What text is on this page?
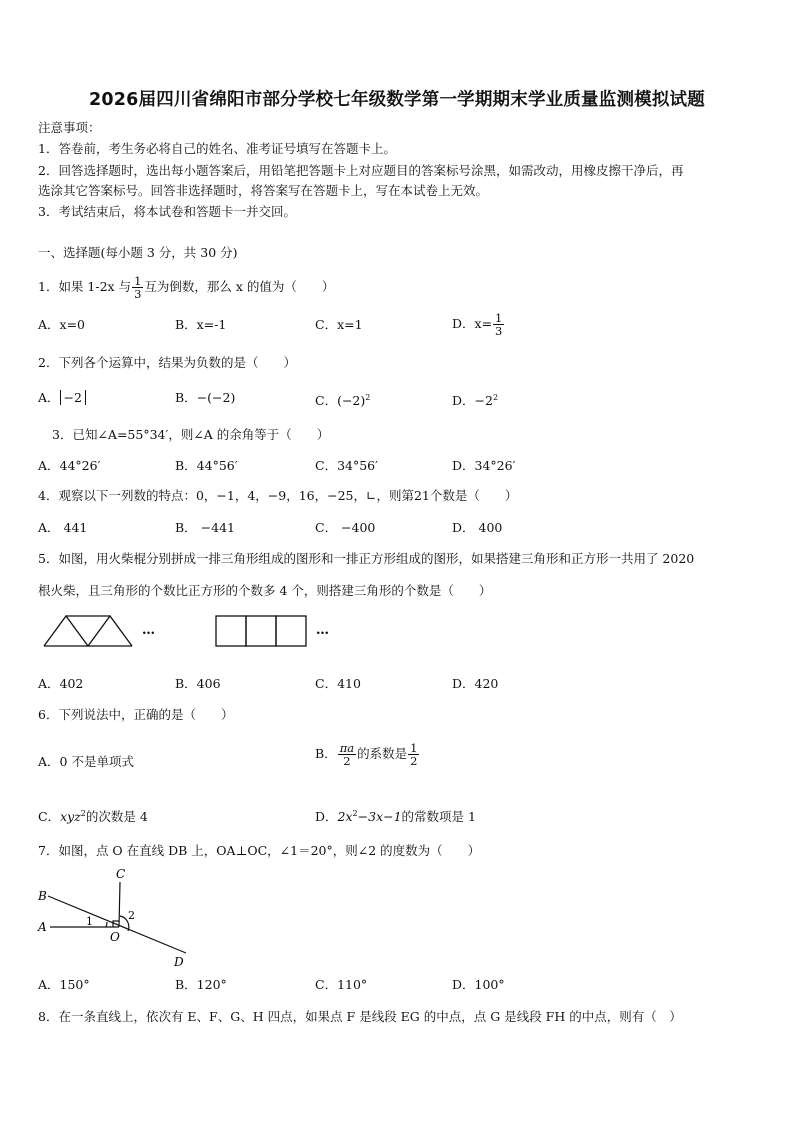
2026届四川省绵阳市部分学校七年级数学第一学期期末学业质量监测模拟试题
注意事项：
1．答卷前，考生务必将自己的姓名、准考证号填写在答题卡上。
2．回答选择题时，选出每小题答案后，用铅笔把答题卡上对应题目的答案标号涂黑，如需改动，用橡皮擦干净后，再
选涂其它答案标号。回答非选择题时，将答案写在答题卡上，写在本试卷上无效。
3．考试结束后，将本试卷和答题卡一并交回。
一、选择题(每小题 3 分，共 30 分)
1．如果 1-2x 与 $\frac{1}{3}$ 互为倒数，那么 x 的值为（　　）
A．x=0	B．x=-1	C．x=1	D．$x= \frac{1}{3}$
2．下列各个运算中，结果为负数的是（　　）
A． −2	B．−(−2)	C．$(-2)^2$	D．$-2^2$
3．已知∠A=55°34′，则∠A 的余角等于（　　）
A．44°26′	B．44°56′	C．34°56′	D．34°26′
4．观察以下一列数的特点：0，−1，4，−9，16，−25，∟，则第21个数是（　　）
A． 441	B． −441	C． −400	D． 400
5．如图，用火柴棍分别拼成一排三角形组成的图形和一排正方形组成的图形，如果搭建三角形和正方形一共用了 2020
根火柴，且三角形的个数比正方形的个数多 4 个，则搭建三角形的个数是（　　）
…	…
A．402	B．406	C．410	D．420
6．下列说法中，正确的是（　　）
A．0 不是单项式
B． $\frac{\pi a}{2}$ 的系数是 $\frac{1}{2}$
C．xyz$^2$的次数是 4	D．$2x^2-3x-1$的常数项是 1
7．如图，点 O 在直线 DB 上，OA⊥OC，∠1＝20°，则∠2 的度数为（　　）
B
C
A
O
D
1	2
A．150°	B．120°	C．110°	D．100°
8．在一条直线上，依次有 E、F、G、H 四点，如果点 F 是线段 EG 的中点，点 G 是线段 FH 的中点，则有（　）
